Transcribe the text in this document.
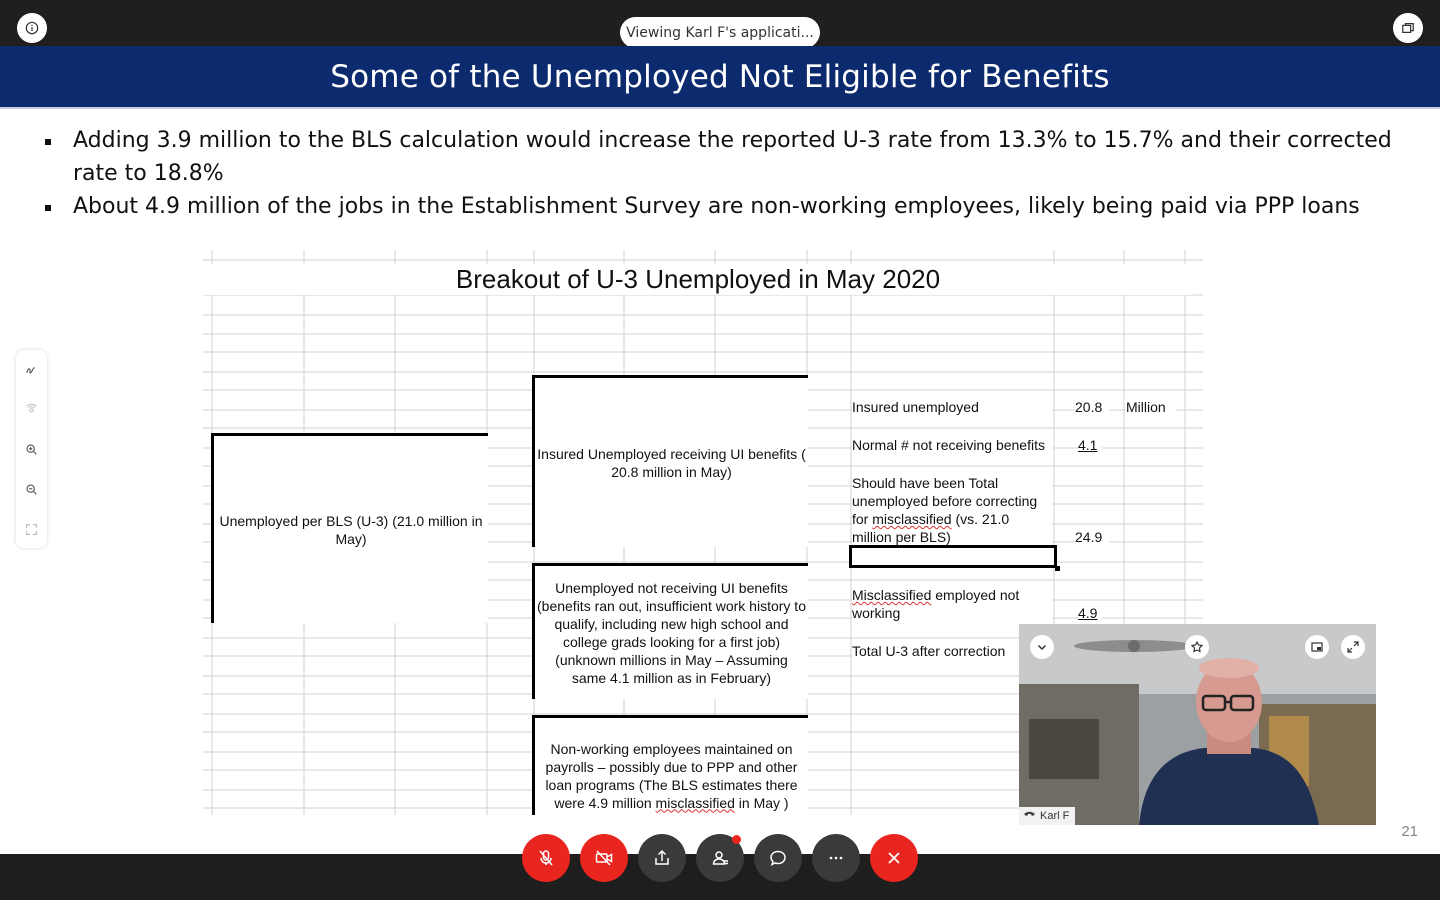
Viewing Karl F's applicati...
Some of the Unemployed Not Eligible for Benefits
Adding 3.9 million to the BLS calculation would increase the reported U-3 rate from 13.3% to 15.7% and their corrected rate to 18.8%
About 4.9 million of the jobs in the Establishment Survey are non-working employees, likely being paid via PPP loans
Breakout of U-3 Unemployed in May 2020
Unemployed per BLS (U-3) (21.0 million in May)
Insured Unemployed receiving UI benefits ( 20.8 million in May)
Unemployed not receiving UI benefits (benefits ran out, insufficient work history to qualify, including new high school and college grads looking for a first job) (unknown millions in May – Assuming same 4.1 million as in February)
Non-working employees maintained on payrolls – possibly due to PPP and other loan programs (The BLS estimates there were 4.9 million misclassified in May )
Insured unemployed	20.8	Million
Normal # not receiving benefits	4.1
Should have been Total unemployed before correcting for misclassified (vs. 21.0 million per BLS)	24.9
Misclassified employed not working	4.9
Total U-3 after correction
21
Karl F
